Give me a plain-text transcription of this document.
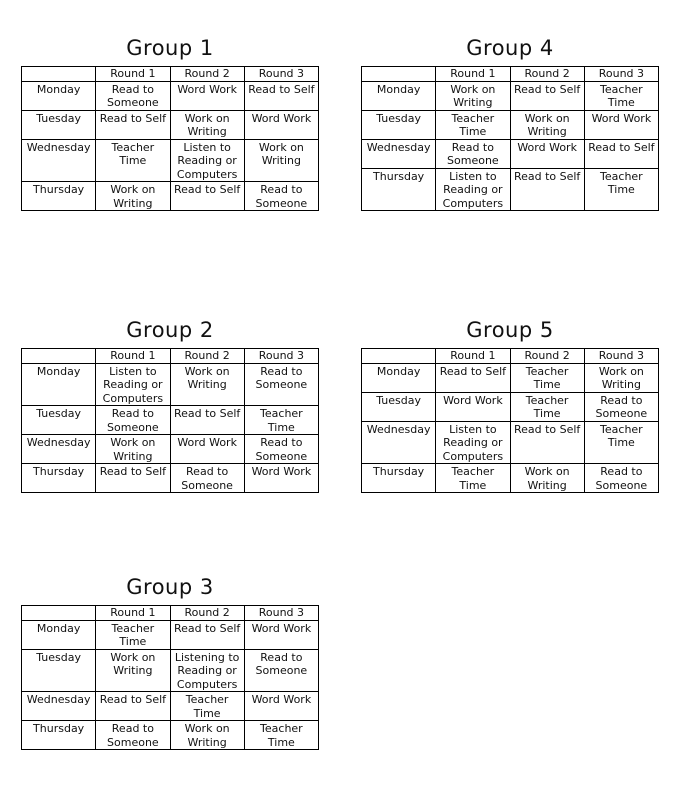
Group 1
	Round 1	Round 2	Round 3
Monday	Read to Someone	Word Work	Read to Self
Tuesday	Read to Self	Work on Writing	Word Work
Wednesday	Teacher Time	Listen to Reading or Computers	Work on Writing
Thursday	Work on Writing	Read to Self	Read to Someone
Group 4
	Round 1	Round 2	Round 3
Monday	Work on Writing	Read to Self	Teacher Time
Tuesday	Teacher Time	Work on Writing	Word Work
Wednesday	Read to Someone	Word Work	Read to Self
Thursday	Listen to Reading or Computers	Read to Self	Teacher Time
Group 2
	Round 1	Round 2	Round 3
Monday	Listen to Reading or Computers	Work on Writing	Read to Someone
Tuesday	Read to Someone	Read to Self	Teacher Time
Wednesday	Work on Writing	Word Work	Read to Someone
Thursday	Read to Self	Read to Someone	Word Work
Group 5
	Round 1	Round 2	Round 3
Monday	Read to Self	Teacher Time	Work on Writing
Tuesday	Word Work	Teacher Time	Read to Someone
Wednesday	Listen to Reading or Computers	Read to Self	Teacher Time
Thursday	Teacher Time	Work on Writing	Read to Someone
Group 3
	Round 1	Round 2	Round 3
Monday	Teacher Time	Read to Self	Word Work
Tuesday	Work on Writing	Listening to Reading or Computers	Read to Someone
Wednesday	Read to Self	Teacher Time	Word Work
Thursday	Read to Someone	Work on Writing	Teacher Time
